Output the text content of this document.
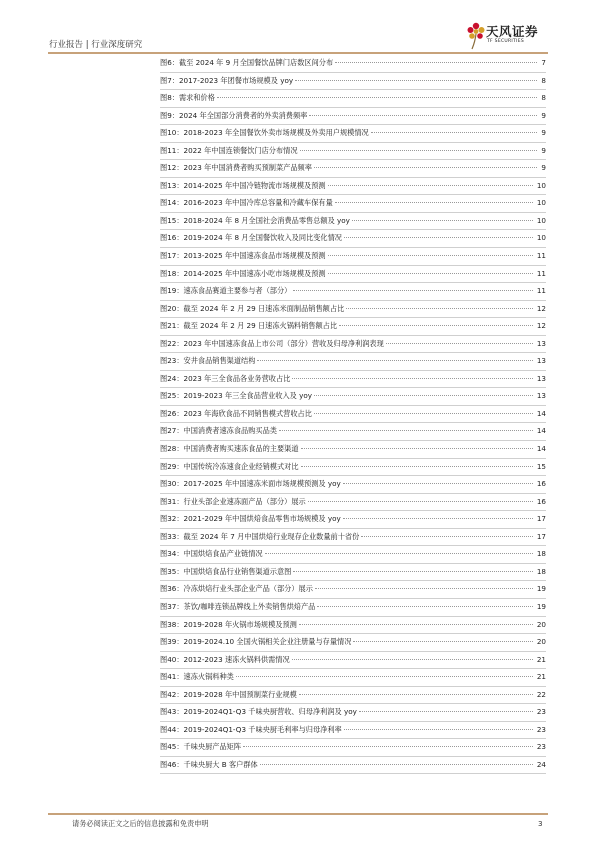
行业报告 | 行业深度研究
天风证券
TF SECURITIES
图6：截至 2024 年 9 月全国餐饮品牌门店数区间分布	7
图7：2017-2023 年团餐市场规模及 yoy	8
图8：需求和价格	8
图9：2024 年全国部分消费者的外卖消费频率	9
图10：2018-2023 年全国餐饮外卖市场规模及外卖用户规模情况	9
图11：2022 年中国连锁餐饮门店分布情况	9
图12：2023 年中国消费者购买预制菜产品频率	9
图13：2014-2025 年中国冷链物流市场规模及预测	10
图14：2016-2023 年中国冷库总容量和冷藏车保有量	10
图15：2018-2024 年 8 月全国社会消费品零售总额及 yoy	10
图16：2019-2024 年 8 月全国餐饮收入及同比变化情况	10
图17：2013-2025 年中国速冻食品市场规模及预测	11
图18：2014-2025 年中国速冻小吃市场规模及预测	11
图19：速冻食品赛道主要参与者（部分）	11
图20：截至 2024 年 2 月 29 日速冻米面制品销售额占比	12
图21：截至 2024 年 2 月 29 日速冻火锅料销售额占比	12
图22：2023 年中国速冻食品上市公司（部分）营收及归母净利润表现	13
图23：安井食品销售渠道结构	13
图24：2023 年三全食品各业务营收占比	13
图25：2019-2023 年三全食品营业收入及 yoy	13
图26：2023 年海欣食品不同销售模式营收占比	14
图27：中国消费者速冻食品购买品类	14
图28：中国消费者购买速冻食品的主要渠道	14
图29：中国传统冷冻速食企业经销模式对比	15
图30：2017-2025 年中国速冻米面市场规模预测及 yoy	16
图31：行业头部企业速冻面产品（部分）展示	16
图32：2021-2029 年中国烘焙食品零售市场规模及 yoy	17
图33：截至 2024 年 7 月中国烘焙行业现存企业数量前十省份	17
图34：中国烘焙食品产业链情况	18
图35：中国烘焙食品行业销售渠道示意图	18
图36：冷冻烘焙行业头部企业产品（部分）展示	19
图37：茶饮/咖啡连锁品牌线上外卖销售烘焙产品	19
图38：2019-2028 年火锅市场规模及预测	20
图39：2019-2024.10 全国火锅相关企业注册量与存量情况	20
图40：2012-2023 速冻火锅料供需情况	21
图41：速冻火锅料种类	21
图42：2019-2028 年中国预制菜行业规模	22
图43：2019-2024Q1-Q3 千味央厨营收、归母净利润及 yoy	23
图44：2019-2024Q1-Q3 千味央厨毛利率与归母净利率	23
图45：千味央厨产品矩阵	23
图46：千味央厨大 B 客户群体	24
请务必阅读正文之后的信息披露和免责申明	3
